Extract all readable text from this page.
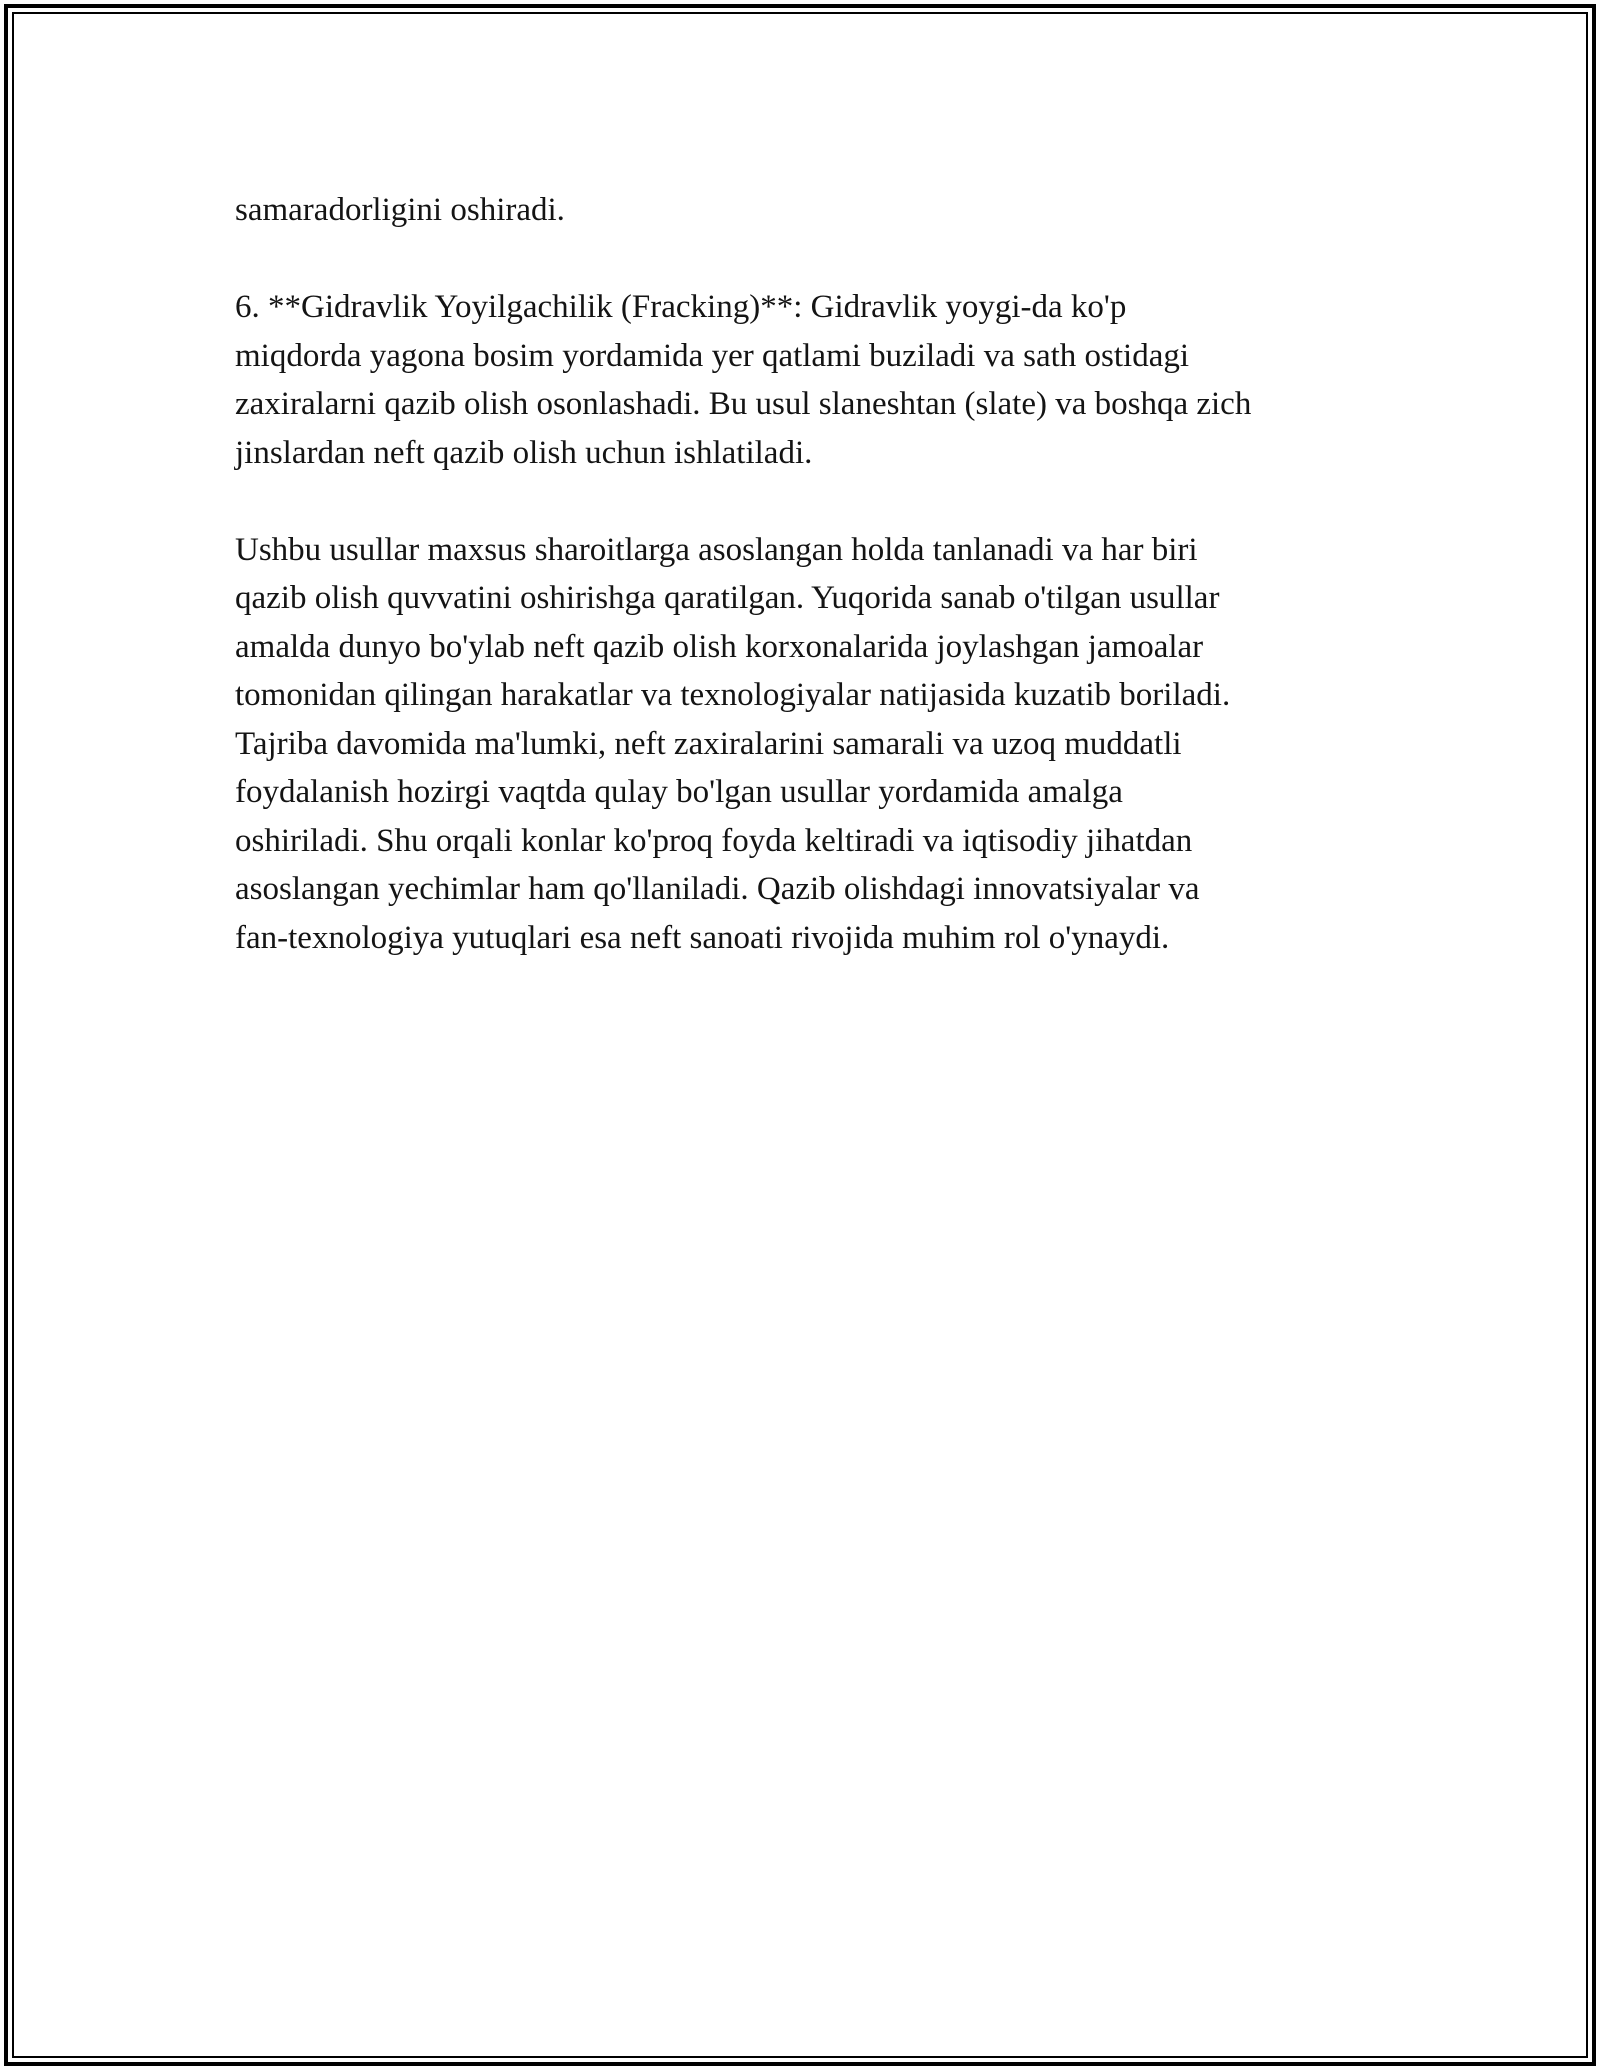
samaradorligini oshiradi.

6. **Gidravlik Yoyilgachilik (Fracking)**: Gidravlik yoygi-da ko'p
miqdorda yagona bosim yordamida yer qatlami buziladi va sath ostidagi
zaxiralarni qazib olish osonlashadi. Bu usul slaneshtan (slate) va boshqa zich
jinslardan neft qazib olish uchun ishlatiladi.

Ushbu usullar maxsus sharoitlarga asoslangan holda tanlanadi va har biri
qazib olish quvvatini oshirishga qaratilgan. Yuqorida sanab o'tilgan usullar
amalda dunyo bo'ylab neft qazib olish korxonalarida joylashgan jamoalar
tomonidan qilingan harakatlar va texnologiyalar natijasida kuzatib boriladi.
Tajriba davomida ma'lumki, neft zaxiralarini samarali va uzoq muddatli
foydalanish hozirgi vaqtda qulay bo'lgan usullar yordamida amalga
oshiriladi. Shu orqali konlar ko'proq foyda keltiradi va iqtisodiy jihatdan
asoslangan yechimlar ham qo'llaniladi. Qazib olishdagi innovatsiyalar va
fan-texnologiya yutuqlari esa neft sanoati rivojida muhim rol o'ynaydi.
